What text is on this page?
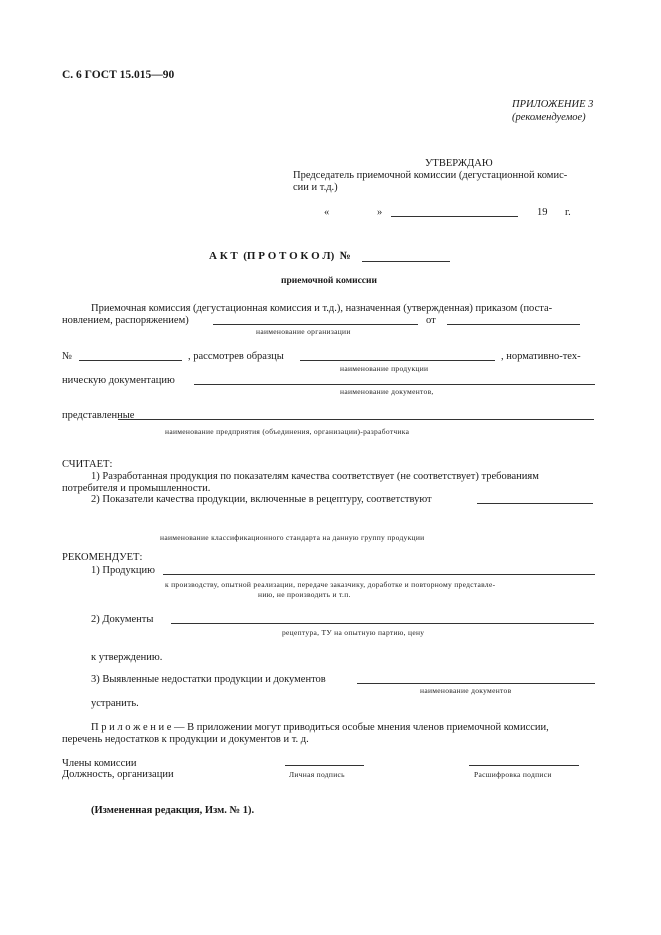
С. 6 ГОСТ 15.015—90
ПРИЛОЖЕНИЕ 3
(рекомендуемое)
УТВЕРЖДАЮ
Председатель приемочной комиссии (дегустационной комис-
сии и т.д.)
«	»	19 г.
А К Т  (П Р О Т О К О Л)  №
приемочной комиссии
Приемочная комиссия (дегустационная комиссия и т.д.), назначенная (утвержденная) приказом (поста-
новлением, распоряжением)	от
наименование организации
№	, рассмотрев образцы	, нормативно-тех-
наименование продукции
ническую документацию
наименование документов,
представленные
наименование предприятия (объединения, организации)-разработчика
СЧИТАЕТ:
1) Разработанная продукция по показателям качества соответствует (не соответствует) требованиям
потребителя и промышленности.
2) Показатели качества продукции, включенные в рецептуру, соответствуют
наименование классификационного стандарта на данную группу продукции
РЕКОМЕНДУЕТ:
1) Продукцию
к производству, опытной реализации, передаче заказчику, доработке и повторному представле-
нию, не производить и т.п.
2) Документы
рецептура, ТУ на опытную партию, цену
к утверждению.
3) Выявленные недостатки продукции и документов
наименование документов
устранить.
П р и л о ж е н и е — В приложении могут приводиться особые мнения членов приемочной комиссии,
перечень недостатков к продукции и документов и т. д.
Члены комиссии
Должность, организации	Личная подпись	Расшифровка подписи
(Измененная редакция, Изм. № 1).
